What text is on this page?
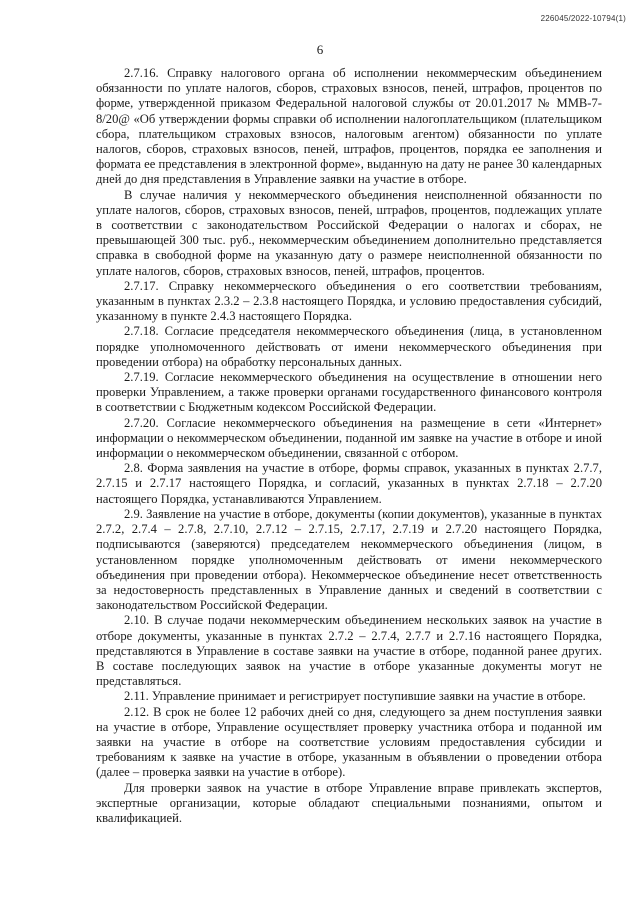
226045/2022-10794(1)
6

2.7.16. Справку налогового органа об исполнении некоммерческим объединением обязанности по уплате налогов, сборов, страховых взносов, пеней, штрафов, процентов по форме, утвержденной приказом Федеральной налоговой службы от 20.01.2017 № ММВ-7-8/20@ «Об утверждении формы справки об исполнении налогоплательщиком (плательщиком сбора, плательщиком страховых взносов, налоговым агентом) обязанности по уплате налогов, сборов, страховых взносов, пеней, штрафов, процентов, порядка ее заполнения и формата ее представления в электронной форме», выданную на дату не ранее 30 календарных дней до дня представления в Управление заявки на участие в отборе.

В случае наличия у некоммерческого объединения неисполненной обязанности по уплате налогов, сборов, страховых взносов, пеней, штрафов, процентов, подлежащих уплате в соответствии с законодательством Российской Федерации о налогах и сборах, не превышающей 300 тыс. руб., некоммерческим объединением дополнительно представляется справка в свободной форме на указанную дату о размере неисполненной обязанности по уплате налогов, сборов, страховых взносов, пеней, штрафов, процентов.

2.7.17. Справку некоммерческого объединения о его соответствии требованиям, указанным в пунктах 2.3.2 – 2.3.8 настоящего Порядка, и условию предоставления субсидий, указанному в пункте 2.4.3 настоящего Порядка.

2.7.18. Согласие председателя некоммерческого объединения (лица, в установленном порядке уполномоченного действовать от имени некоммерческого объединения при проведении отбора) на обработку персональных данных.

2.7.19. Согласие некоммерческого объединения на осуществление в отношении него проверки Управлением, а также проверки органами государственного финансового контроля в соответствии с Бюджетным кодексом Российской Федерации.

2.7.20. Согласие некоммерческого объединения на размещение в сети «Интернет» информации о некоммерческом объединении, поданной им заявке на участие в отборе и иной информации о некоммерческом объединении, связанной с отбором.

2.8. Форма заявления на участие в отборе, формы справок, указанных в пунктах 2.7.7, 2.7.15 и 2.7.17 настоящего Порядка, и согласий, указанных в пунктах 2.7.18 – 2.7.20 настоящего Порядка, устанавливаются Управлением.

2.9. Заявление на участие в отборе, документы (копии документов), указанные в пунктах 2.7.2, 2.7.4 – 2.7.8, 2.7.10, 2.7.12 – 2.7.15, 2.7.17, 2.7.19 и 2.7.20 настоящего Порядка, подписываются (заверяются) председателем некоммерческого объединения (лицом, в установленном порядке уполномоченным действовать от имени некоммерческого объединения при проведении отбора). Некоммерческое объединение несет ответственность за недостоверность представленных в Управление данных и сведений в соответствии с законодательством Российской Федерации.

2.10. В случае подачи некоммерческим объединением нескольких заявок на участие в отборе документы, указанные в пунктах 2.7.2 – 2.7.4, 2.7.7 и 2.7.16 настоящего Порядка, представляются в Управление в составе заявки на участие в отборе, поданной ранее других. В составе последующих заявок на участие в отборе указанные документы могут не представляться.

2.11. Управление принимает и регистрирует поступившие заявки на участие в отборе.

2.12. В срок не более 12 рабочих дней со дня, следующего за днем поступления заявки на участие в отборе, Управление осуществляет проверку участника отбора и поданной им заявки на участие в отборе на соответствие условиям предоставления субсидии и требованиям к заявке на участие в отборе, указанным в объявлении о проведении отбора (далее – проверка заявки на участие в отборе).

Для проверки заявок на участие в отборе Управление вправе привлекать экспертов, экспертные организации, которые обладают специальными познаниями, опытом и квалификацией.
